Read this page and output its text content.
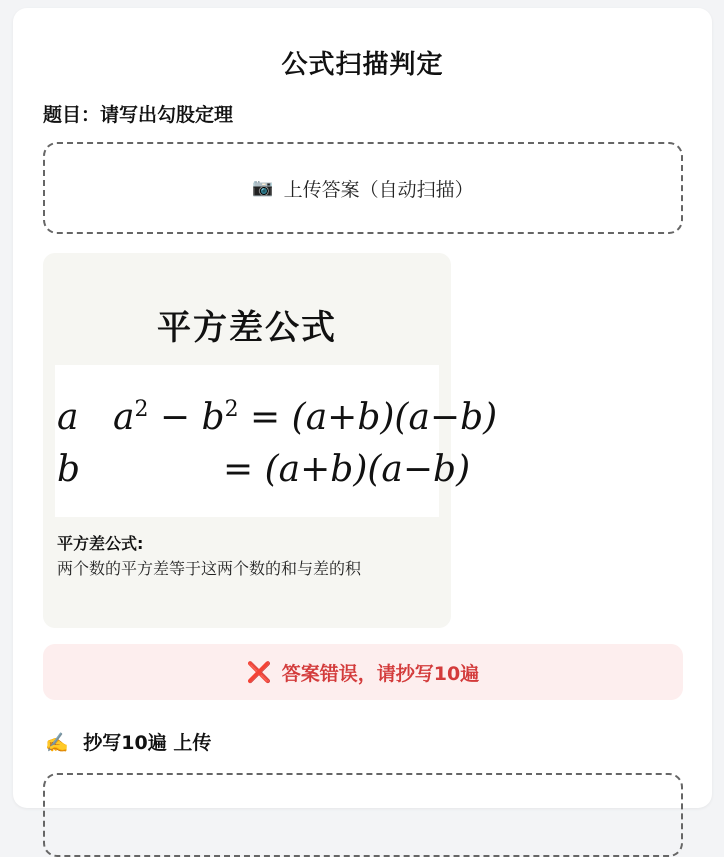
公式扫描判定
题目：请写出勾股定理
📷 上传答案（自动扫描）
平方差公式
a $a^2 - b^2 = (a+b)(a-b)$
b	= (a+b)(a−b)
平方差公式:
两个数的平方差等于这两个数的和与差的积
❌ 答案错误，请抄写10遍
✍️ 抄写10遍 上传
